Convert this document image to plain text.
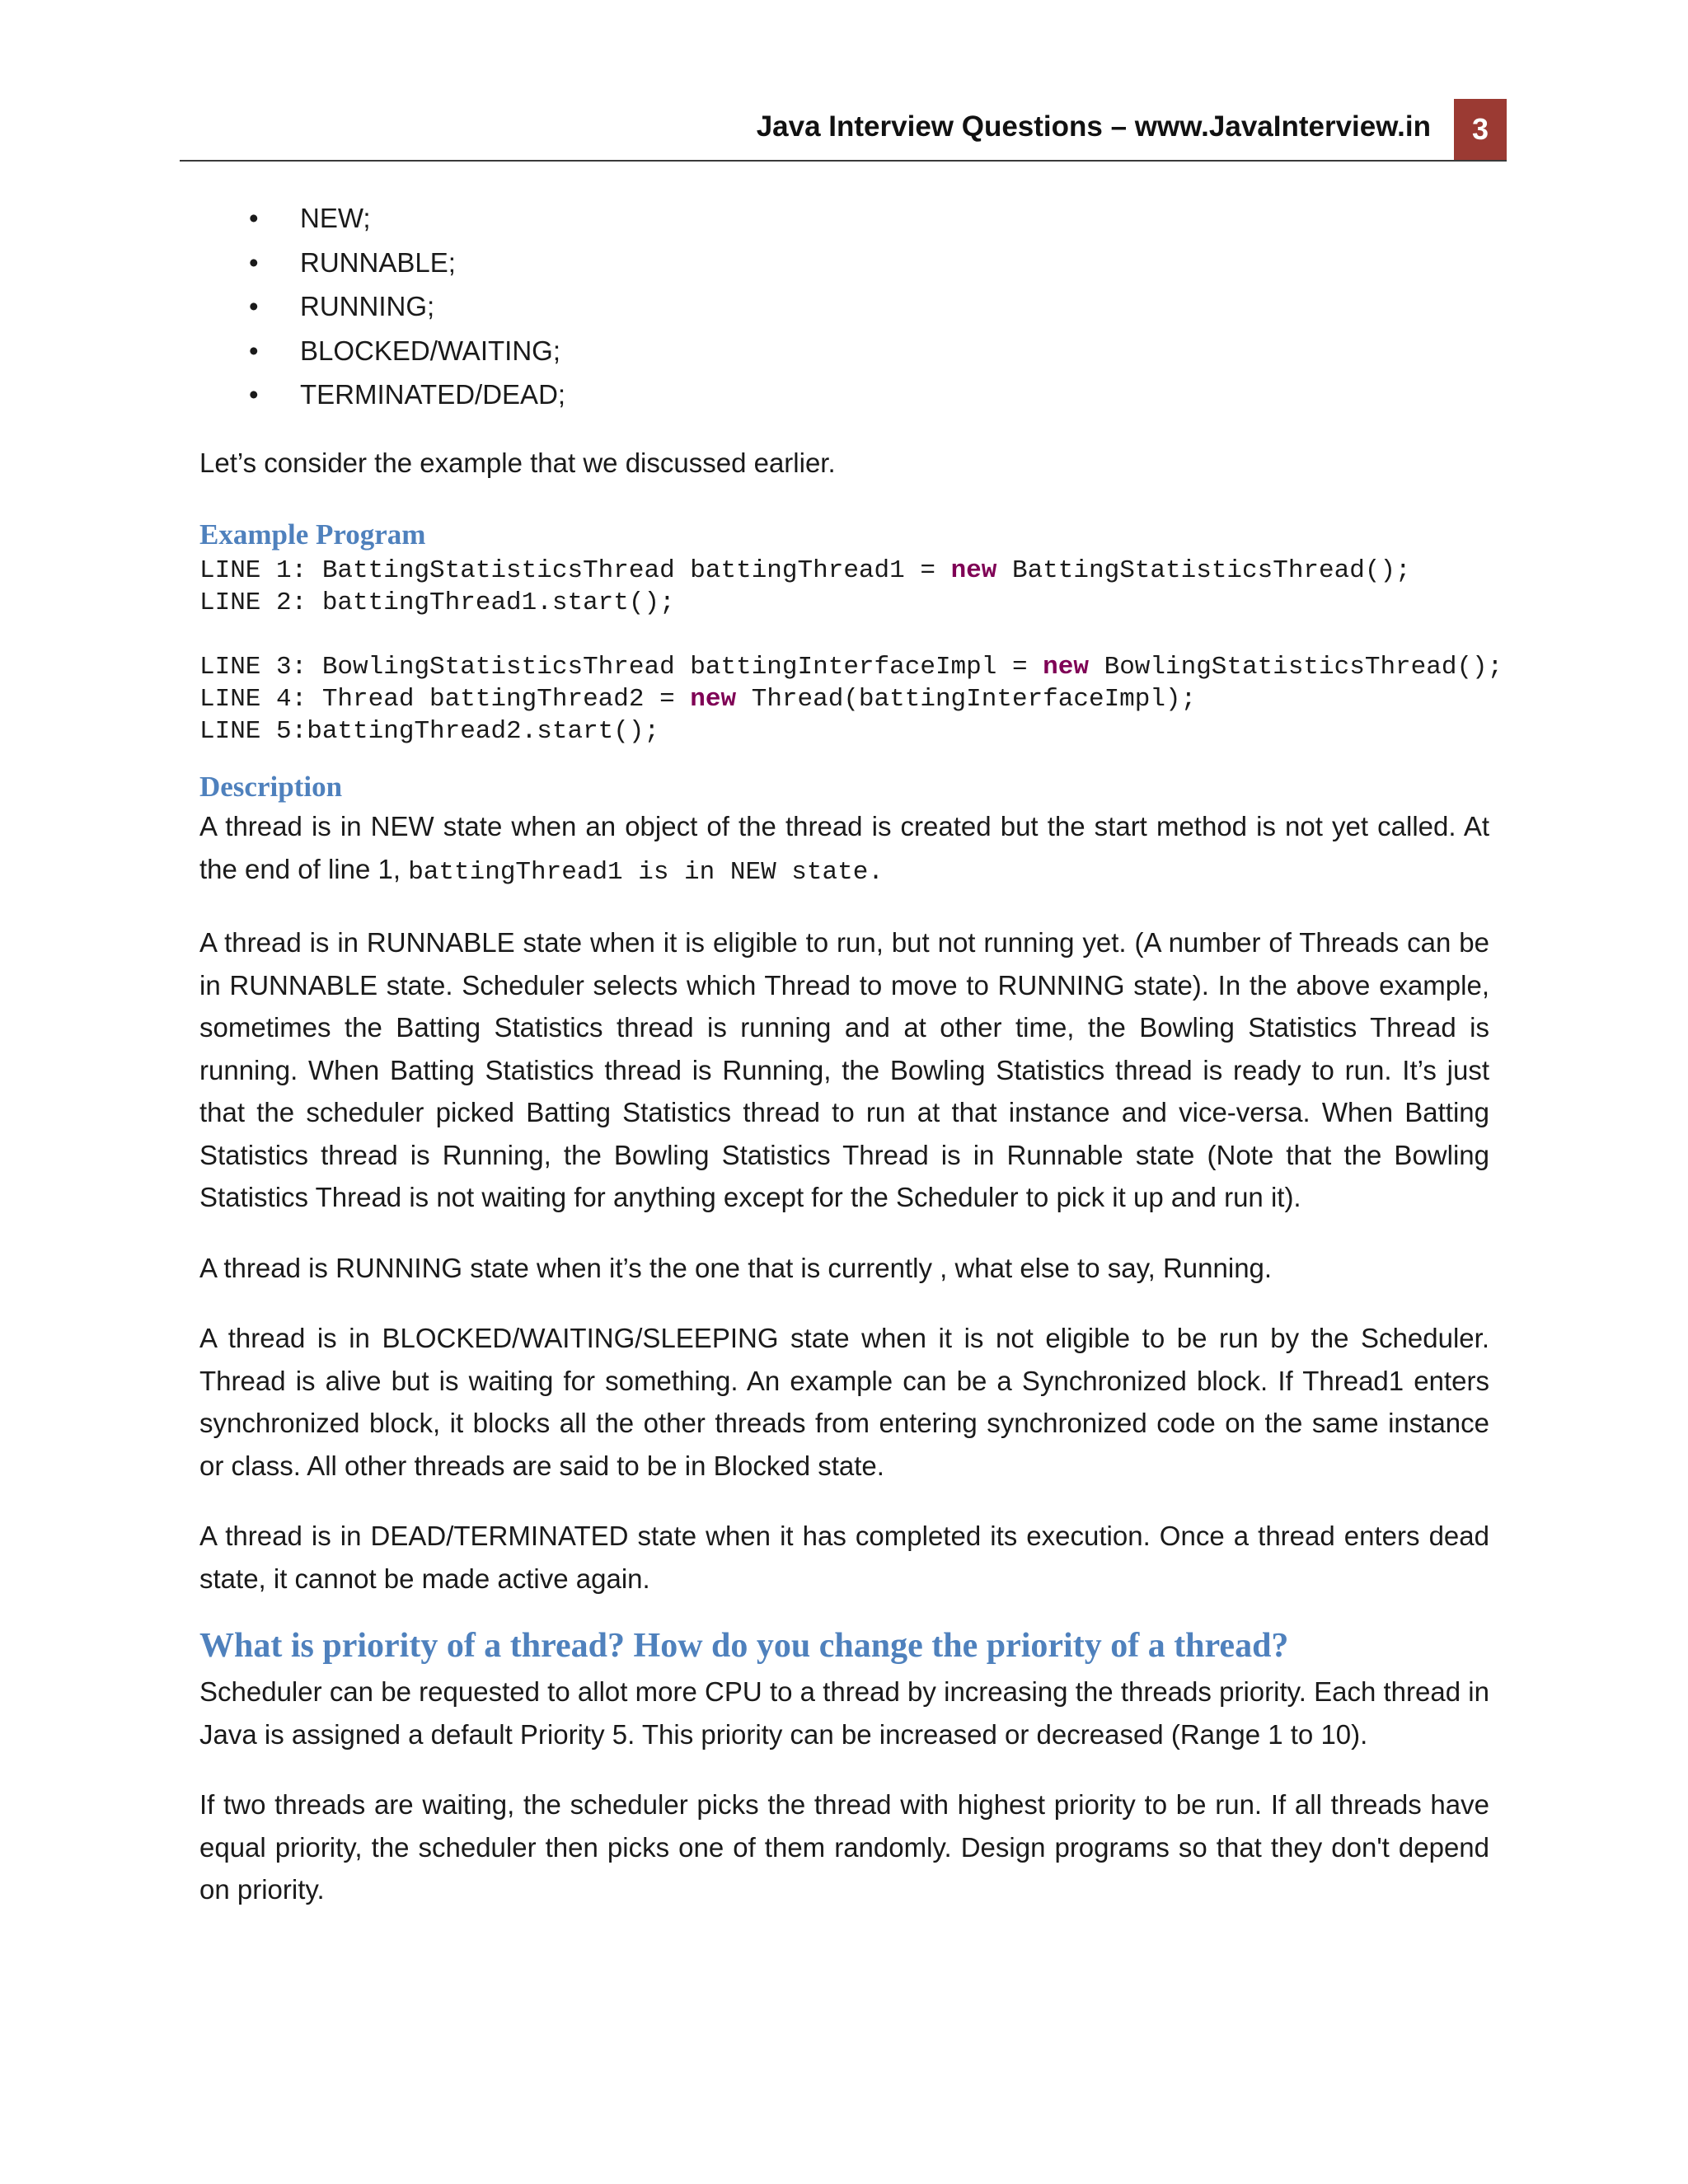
Java Interview Questions – www.JavaInterview.in	3
• NEW;
• RUNNABLE;
• RUNNING;
• BLOCKED/WAITING;
• TERMINATED/DEAD;

Let’s consider the example that we discussed earlier.

Example Program
LINE 1: BattingStatisticsThread battingThread1 = new BattingStatisticsThread();
LINE 2: battingThread1.start();
LINE 3: BowlingStatisticsThread battingInterfaceImpl = new BowlingStatisticsThread();
LINE 4: Thread battingThread2 = new Thread(battingInterfaceImpl);
LINE 5:battingThread2.start();
Description

A thread is in NEW state when an object of the thread is created but the start method is not yet called. At the end of line 1, battingThread1 is in NEW state.

A thread is in RUNNABLE state when it is eligible to run, but not running yet. (A number of Threads can be in RUNNABLE state. Scheduler selects which Thread to move to RUNNING state). In the above example, sometimes the Batting Statistics thread is running and at other time, the Bowling Statistics Thread is running. When Batting Statistics thread is Running, the Bowling Statistics thread is ready to run. It’s just that the scheduler picked Batting Statistics thread to run at that instance and vice-versa. When Batting Statistics thread is Running, the Bowling Statistics Thread is in Runnable state (Note that the Bowling Statistics Thread is not waiting for anything except for the Scheduler to pick it up and run it).

A thread is RUNNING state when it’s the one that is currently , what else to say, Running.

A thread is in BLOCKED/WAITING/SLEEPING state when it is not eligible to be run by the Scheduler. Thread is alive but is waiting for something. An example can be a Synchronized block. If Thread1 enters synchronized block, it blocks all the other threads from entering synchronized code on the same instance or class. All other threads are said to be in Blocked state.

A thread is in DEAD/TERMINATED state when it has completed its execution. Once a thread enters dead state, it cannot be made active again.

What is priority of a thread? How do you change the priority of a thread?

Scheduler can be requested to allot more CPU to a thread by increasing the threads priority. Each thread in Java is assigned a default Priority 5. This priority can be increased or decreased (Range 1 to 10).

If two threads are waiting, the scheduler picks the thread with highest priority to be run. If all threads have equal priority, the scheduler then picks one of them randomly. Design programs so that they don't depend on priority.
